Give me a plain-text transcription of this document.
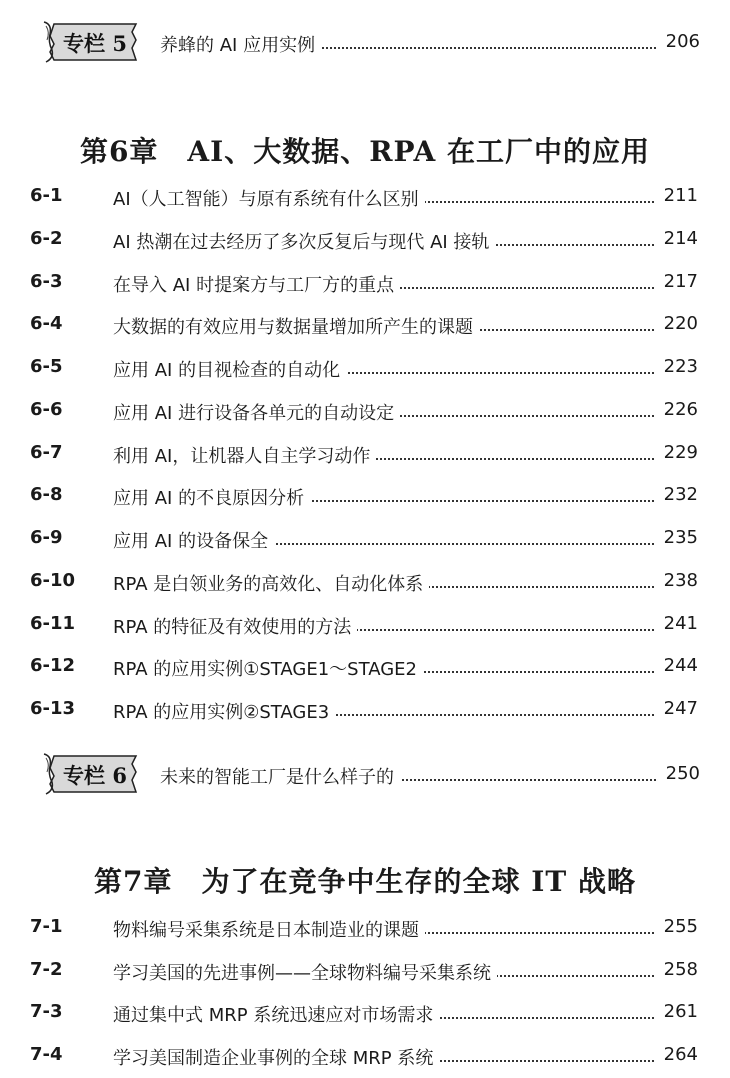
专栏 5	养蜂的 AI 应用实例	206
第6章　AI、大数据、RPA 在工厂中的应用
6-1	AI（人工智能）与原有系统有什么区别	211
6-2	AI 热潮在过去经历了多次反复后与现代 AI 接轨	214
6-3	在导入 AI 时提案方与工厂方的重点	217
6-4	大数据的有效应用与数据量增加所产生的课题	220
6-5	应用 AI 的目视检查的自动化	223
6-6	应用 AI 进行设备各单元的自动设定	226
6-7	利用 AI，让机器人自主学习动作	229
6-8	应用 AI 的不良原因分析	232
6-9	应用 AI 的设备保全	235
6-10 RPA 是白领业务的高效化、自动化体系	238
6-11 RPA 的特征及有效使用的方法	241
6-12 RPA 的应用实例①STAGE1～STAGE2	244
6-13 RPA 的应用实例②STAGE3	247
专栏 6	未来的智能工厂是什么样子的	250
第7章　为了在竞争中生存的全球 IT 战略
7-1	物料编号采集系统是日本制造业的课题	255
7-2	学习美国的先进事例——全球物料编号采集系统	258
7-3	通过集中式 MRP 系统迅速应对市场需求	261
7-4	学习美国制造企业事例的全球 MRP 系统	264
